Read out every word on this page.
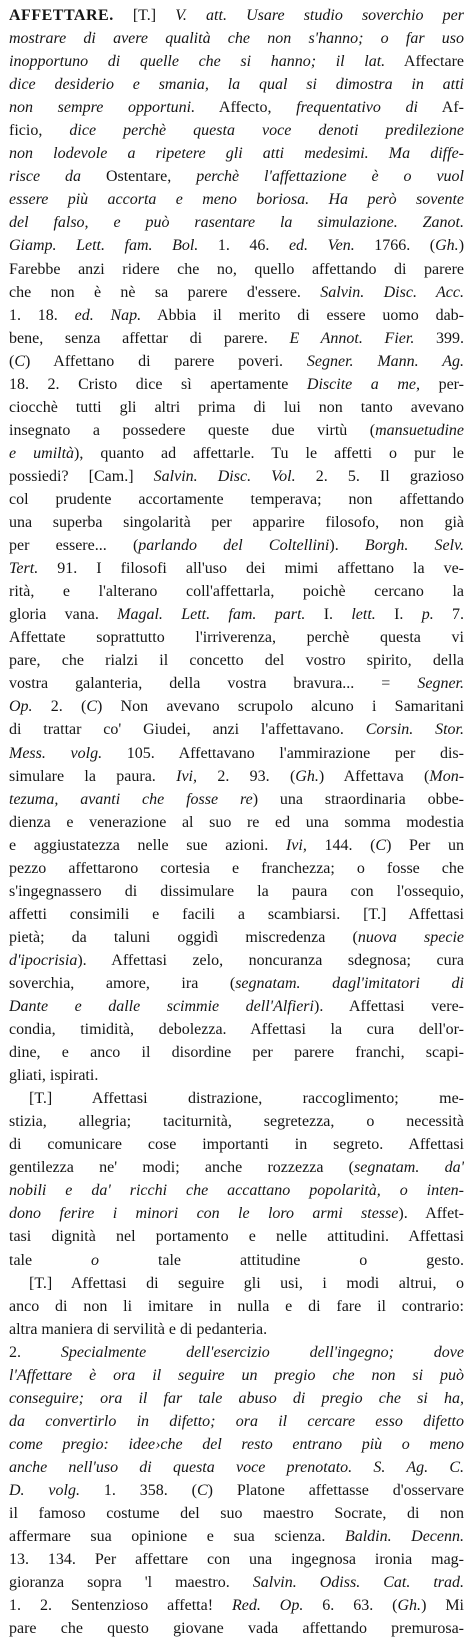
AFFETTARE. [T.] V. att. Usare studio soverchio per
mostrare di avere qualità che non s'hanno; o far uso
inopportuno di quelle che si hanno; il lat. Affectare
dice desiderio e smania, la qual si dimostra in atti
non sempre opportuni. Affecto, frequentativo di Af-
ficio, dice perchè questa voce denoti predilezione
non lodevole a ripetere gli atti medesimi. Ma diffe-
risce da Ostentare, perchè l'affettazione è o vuol
essere più accorta e meno boriosa. Ha però sovente
del falso, e può rasentare la simulazione. Zanot.
Giamp. Lett. fam. Bol. 1. 46. ed. Ven. 1766. (Gh.)
Farebbe anzi ridere che no, quello affettando di parere
che non è nè sa parere d'essere. Salvin. Disc. Acc.
1. 18. ed. Nap. Abbia il merito di essere uomo dab-
bene, senza affettar di parere. E Annot. Fier. 399.
(C) Affettano di parere poveri. Segner. Mann. Ag.
18. 2. Cristo dice sì apertamente Discite a me, per-
ciocchè tutti gli altri prima di lui non tanto avevano
insegnato a possedere queste due virtù (mansuetudine
e umiltà), quanto ad affettarle. Tu le affetti o pur le
possiedi? [Cam.] Salvin. Disc. Vol. 2. 5. Il grazioso
col prudente accortamente temperava; non affettando
una superba singolarità per apparire filosofo, non già
per essere... (parlando del Coltellini). Borgh. Selv.
Tert. 91. I filosofi all'uso dei mimi affettano la ve-
rità, e l'alterano coll'affettarla, poichè cercano la
gloria vana. Magal. Lett. fam. part. I. lett. I. p. 7.
Affettate soprattutto l'irriverenza, perchè questa vi
pare, che rialzi il concetto del vostro spirito, della
vostra galanteria, della vostra bravura... = Segner.
Op. 2. (C) Non avevano scrupolo alcuno i Samaritani
di trattar co' Giudei, anzi l'affettavano. Corsin. Stor.
Mess. volg. 105. Affettavano l'ammirazione per dis-
simulare la paura. Ivi, 2. 93. (Gh.) Affettava (Mon-
tezuma, avanti che fosse re) una straordinaria obbe-
dienza e venerazione al suo re ed una somma modestia
e aggiustatezza nelle sue azioni. Ivi, 144. (C) Per un
pezzo affettarono cortesia e franchezza; o fosse che
s'ingegnassero di dissimulare la paura con l'ossequio,
affetti consimili e facili a scambiarsi. [T.] Affettasi
pietà; da taluni oggidì miscredenza (nuova specie
d'ipocrisia). Affettasi zelo, noncuranza sdegnosa; cura
soverchia, amore, ira (segnatam. dagl'imitatori di
Dante e dalle scimmie dell'Alfieri). Affettasi vere-
condia, timidità, debolezza. Affettasi la cura dell'or-
dine, e anco il disordine per parere franchi, scapi-
gliati, ispirati.
[T.] Affettasi distrazione, raccoglimento; me-
stizia, allegria; taciturnità, segretezza, o necessità
di comunicare cose importanti in segreto. Affettasi
gentilezza ne' modi; anche rozzezza (segnatam. da'
nobili e da' ricchi che accattano popolarità, o inten-
dono ferire i minori con le loro armi stesse). Affet-
tasi dignità nel portamento e nelle attitudini. Affettasi
tale o tale attitudine o gesto.
[T.] Affettasi di seguire gli usi, i modi altrui, o
anco di non li imitare in nulla e di fare il contrario:
altra maniera di servilità e di pedanteria.
2. Specialmente dell'esercizio dell'ingegno; dove
l'Affettare è ora il seguire un pregio che non si può
conseguire; ora il far tale abuso di pregio che si ha,
da convertirlo in difetto; ora il cercare esso difetto
come pregio: idee›che del resto entrano più o meno
anche nell'uso di questa voce prenotato. S. Ag. C.
D. volg. 1. 358. (C) Platone affettasse d'osservare
il famoso costume del suo maestro Socrate, di non
affermare sua opinione e sua scienza. Baldin. Decenn.
13. 134. Per affettare con una ingegnosa ironia mag-
gioranza sopra 'l maestro. Salvin. Odiss. Cat. trad.
1. 2. Sentenzioso affetta! Red. Op. 6. 63. (Gh.) Mi
pare che questo giovane vada affettando premurosa-
